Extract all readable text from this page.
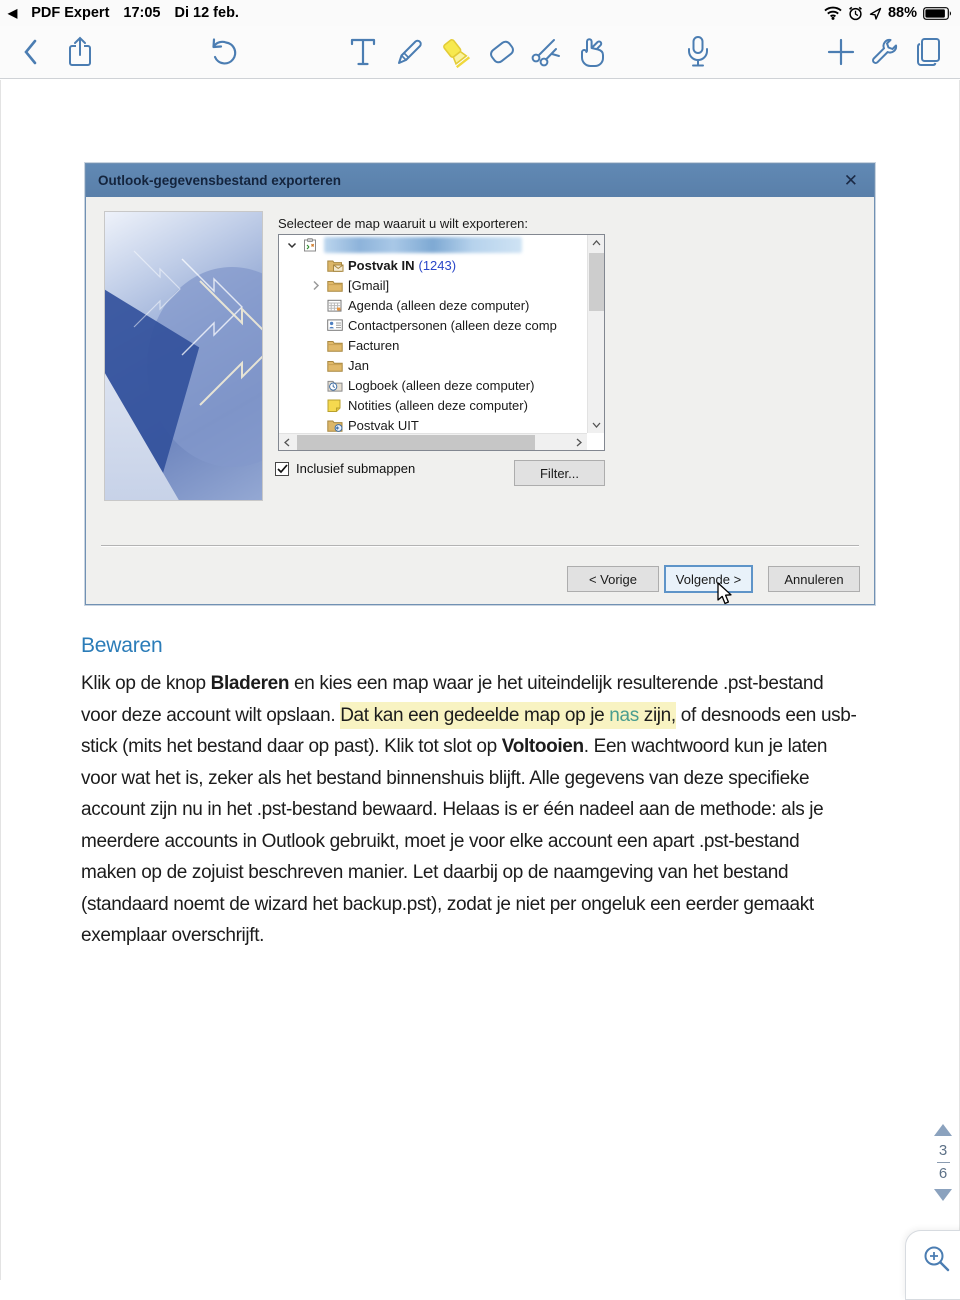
◀ PDF Expert 17:05 Di 12 feb.	88%
Outlook-gegevensbestand exporteren	✕
Selecteer de map waaruit u wilt exporteren:
Postvak IN (1243)
[Gmail]
Agenda (alleen deze computer)
Contactpersonen (alleen deze comp
Facturen
Jan
Logboek (alleen deze computer)
Notities (alleen deze computer)
Postvak UIT
Inclusief submappen	Filter...
< Vorige	Volgende >	Annuleren
Bewaren
Klik op de knop Bladeren en kies een map waar je het uiteindelijk resulterende .pst-bestand
voor deze account wilt opslaan. Dat kan een gedeelde map op je nas zijn, of desnoods een usb-
stick (mits het bestand daar op past). Klik tot slot op Voltooien. Een wachtwoord kun je laten
voor wat het is, zeker als het bestand binnenshuis blijft. Alle gegevens van deze specifieke
account zijn nu in het .pst-bestand bewaard. Helaas is er één nadeel aan de methode: als je
meerdere accounts in Outlook gebruikt, moet je voor elke account een apart .pst-bestand
maken op de zojuist beschreven manier. Let daarbij op de naamgeving van het bestand
(standaard noemt de wizard het backup.pst), zodat je niet per ongeluk een eerder gemaakt
exemplaar overschrijft.
3
6
